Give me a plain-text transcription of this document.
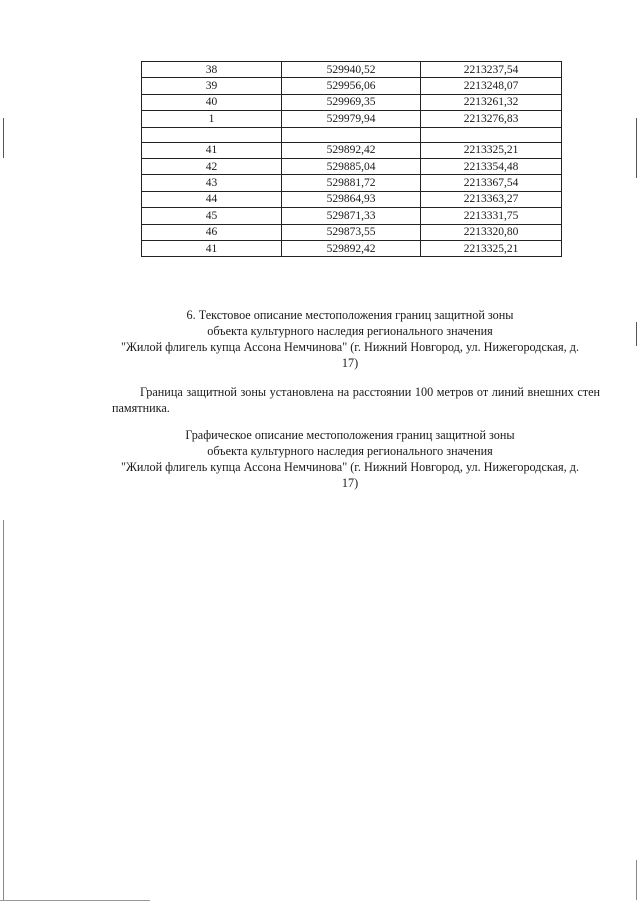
38	529940,52	2213237,54
39	529956,06	2213248,07
40	529969,35	2213261,32
1	529979,94	2213276,83

41	529892,42	2213325,21
42	529885,04	2213354,48
43	529881,72	2213367,54
44	529864,93	2213363,27
45	529871,33	2213331,75
46	529873,55	2213320,80
41	529892,42	2213325,21
6. Текстовое описание местоположения границ защитной зоны
объекта культурного наследия регионального значения
"Жилой флигель купца Ассона Немчинова" (г. Нижний Новгород, ул. Нижегородская, д.
17)
Граница защитной зоны установлена на расстоянии 100 метров от линий внешних стен памятника.
Графическое описание местоположения границ защитной зоны
объекта культурного наследия регионального значения
"Жилой флигель купца Ассона Немчинова" (г. Нижний Новгород, ул. Нижегородская, д.
17)
